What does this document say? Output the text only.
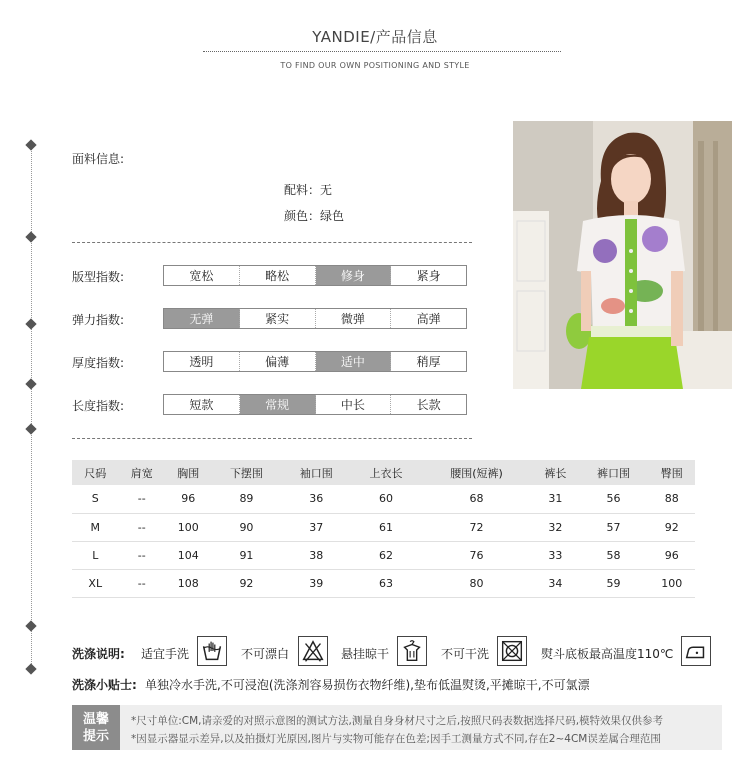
YANDIE/产品信息
TO FIND OUR OWN POSITIONING AND STYLE
面料信息:
配料：无
颜色：绿色
版型指数:	宽松	略松	修身	紧身
弹力指数:	无弹	紧实	微弹	高弹
厚度指数:	透明	偏薄	适中	稍厚
长度指数:	短款	常规	中长	长款
尺码	肩宽	胸围	下摆围	袖口围	上衣长	腰围(短裤)	裤长	裤口围	臀围
S	--	96	89	36	60	68	31	56	88
M	--	100	90	37	61	72	32	57	92
L	--	104	91	38	62	76	33	58	96
XL	--	108	92	39	63	80	34	59	100
洗涤说明: 适宜手洗	不可漂白	悬挂晾干	不可干洗	熨斗底板最高温度110℃
洗涤小贴士: 单独冷水手洗,不可浸泡(洗涤剂容易损伤衣物纤维),垫布低温熨烫,平摊晾干,不可氯漂
温馨
提示
*尺寸单位:CM,请亲爱的对照示意图的测试方法,测量自身身材尺寸之后,按照尺码表数据选择尺码,模特效果仅供参考
*因显示器显示差异,以及拍摄灯光原因,图片与实物可能存在色差;因手工测量方式不同,存在2~4CM误差属合理范围
